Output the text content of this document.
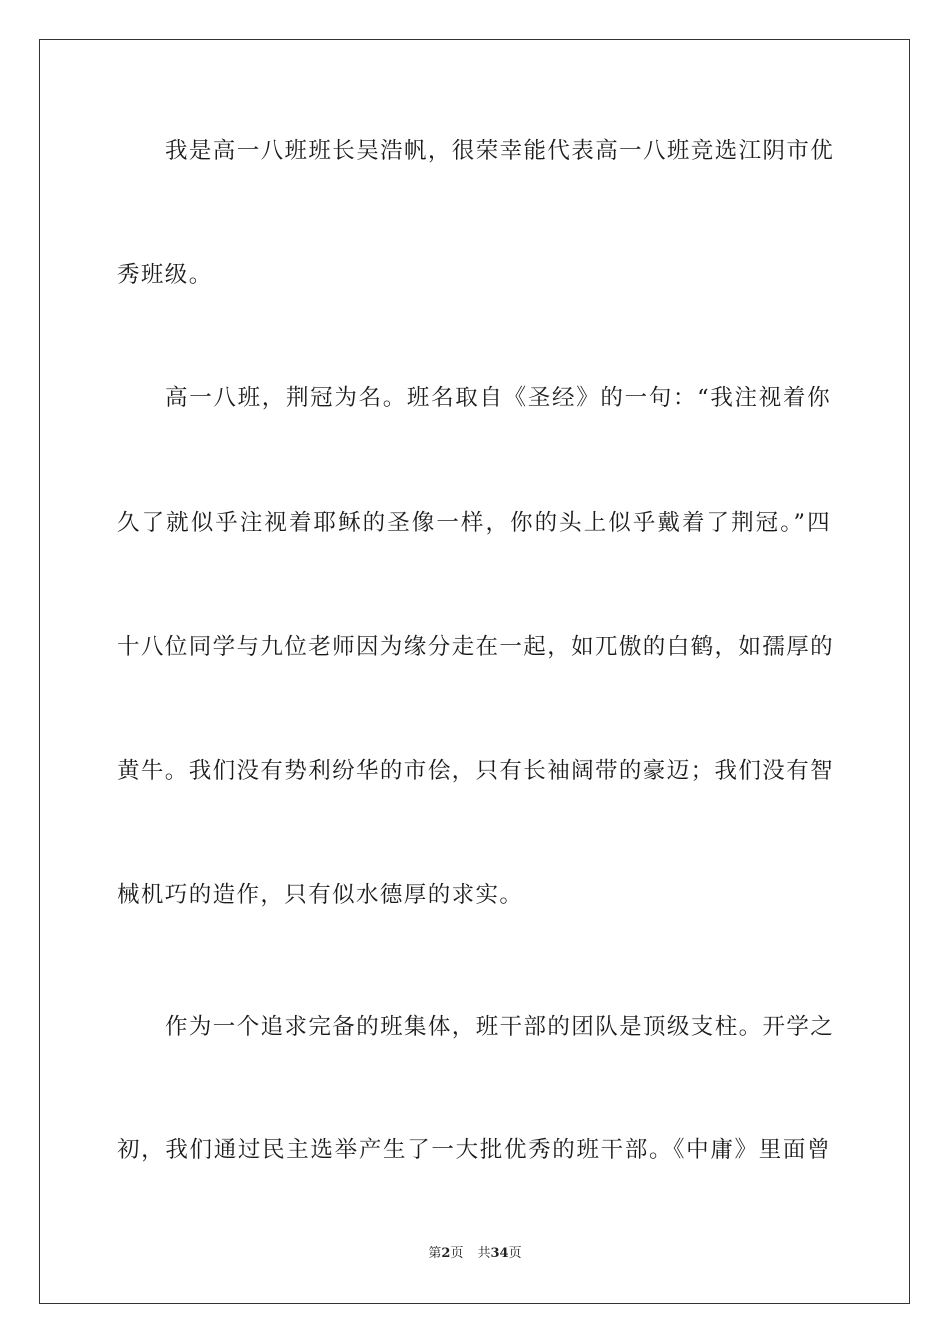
我是高一八班班长吴浩帆，很荣幸能代表高一八班竞选江阴市优
秀班级。
高一八班，荆冠为名。班名取自《圣经》的一句：“我注视着你
久了就似乎注视着耶稣的圣像一样，你的头上似乎戴着了荆冠。”四
十八位同学与九位老师因为缘分走在一起，如兀傲的白鹤，如孺厚的
黄牛。我们没有势利纷华的市侩，只有长袖阔带的豪迈；我们没有智
械机巧的造作，只有似水德厚的求实。
作为一个追求完备的班集体，班干部的团队是顶级支柱。开学之
初，我们通过民主选举产生了一大批优秀的班干部。《中庸》里面曾
第2页 共34页
